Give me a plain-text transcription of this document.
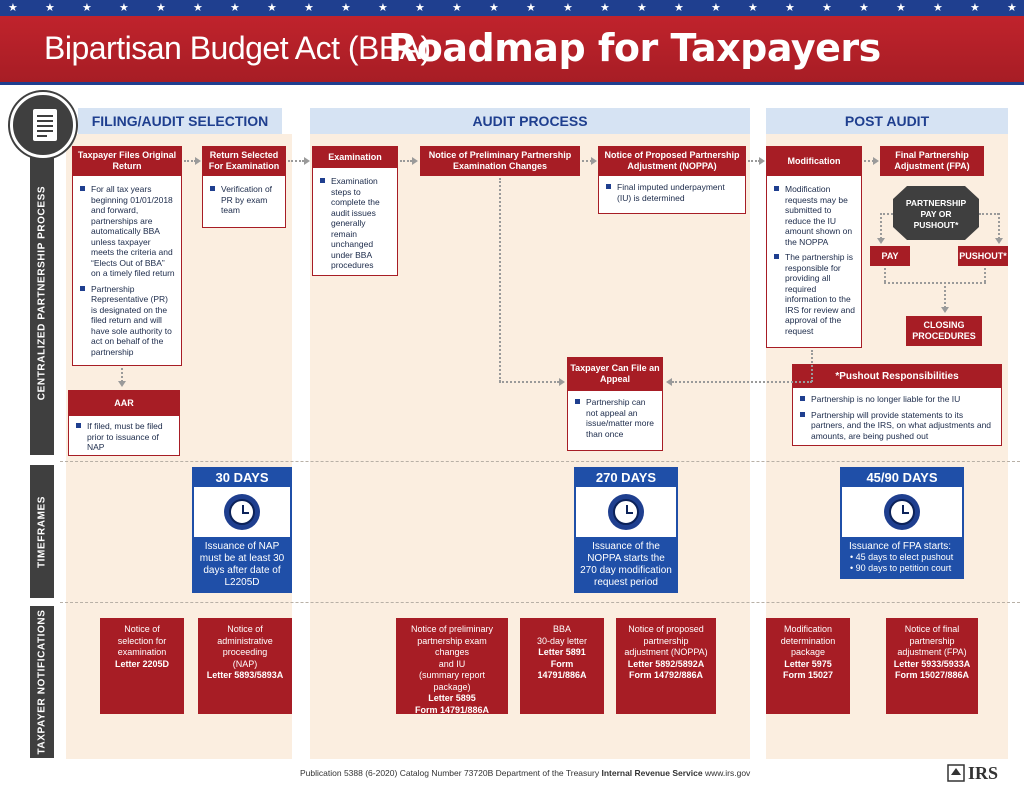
★ ★ ★ ★ ★ ★ ★ ★ ★ ★ ★ ★ ★ ★ ★ ★ ★ ★ ★ ★ ★ ★ ★ ★ ★ ★ ★ ★
Bipartisan Budget Act (BBA)
Roadmap for Taxpayers
FILING/AUDIT SELECTION	AUDIT PROCESS	POST AUDIT
CENTRALIZED PARTNERSHIP PROCESS
TIMEFRAMES
TAXPAYER NOTIFICATIONS
Taxpayer Files Original Return
For all tax years beginning 01/01/2018 and forward, partnerships are automatically BBA unless taxpayer meets the criteria and “Elects Out of BBA” on a timely filed return
Partnership Representative (PR) is designated on the filed return and will have sole authority to act on behalf of the partnership
Return Selected For Examination
Verification of PR by exam team
AAR
If filed, must be filed prior to issuance of NAP
Examination
Examination steps to complete the audit issues generally remain unchanged under BBA procedures
Notice of Preliminary Partnership Examination Changes
Notice of Proposed Partnership Adjustment (NOPPA)
Final imputed underpayment (IU) is determined
Taxpayer Can File an Appeal
Partnership can not appeal an issue/matter more than once
Modification
Modification requests may be submitted to reduce the IU amount shown on the NOPPA
The partnership is responsible for providing all required information to the IRS for review and approval of the request
Final Partnership Adjustment (FPA)
PARTNERSHIP PAY OR PUSHOUT*
PAY	PUSHOUT*
CLOSING PROCEDURES
*Pushout Responsibilities
Partnership is no longer liable for the IU
Partnership will provide statements to its partners, and the IRS, on what adjustments and amounts, are being pushed out
30 DAYS
Issuance of NAP must be at least 30 days after date of L2205D
270 DAYS
Issuance of the NOPPA starts the 270 day modification request period
45/90 DAYS
Issuance of FPA starts:
• 45 days to elect pushout
• 90 days to petition court
Notice of
selection for
examination
Letter 2205D
Notice of
administrative
proceeding
(NAP)
Letter 5893/5893A
Notice of preliminary
partnership exam changes
and IU
(summary report package)
Letter 5895
Form 14791/886A
BBA
30-day letter
Letter 5891
Form
14791/886A
Notice of proposed
partnership
adjustment (NOPPA)
Letter 5892/5892A
Form 14792/886A
Modification
determination
package
Letter 5975
Form 15027
Notice of final
partnership
adjustment (FPA)
Letter 5933/5933A
Form 15027/886A
Publication 5388 (6-2020) Catalog Number 73720B Department of the Treasury Internal Revenue Service www.irs.gov	IRS
